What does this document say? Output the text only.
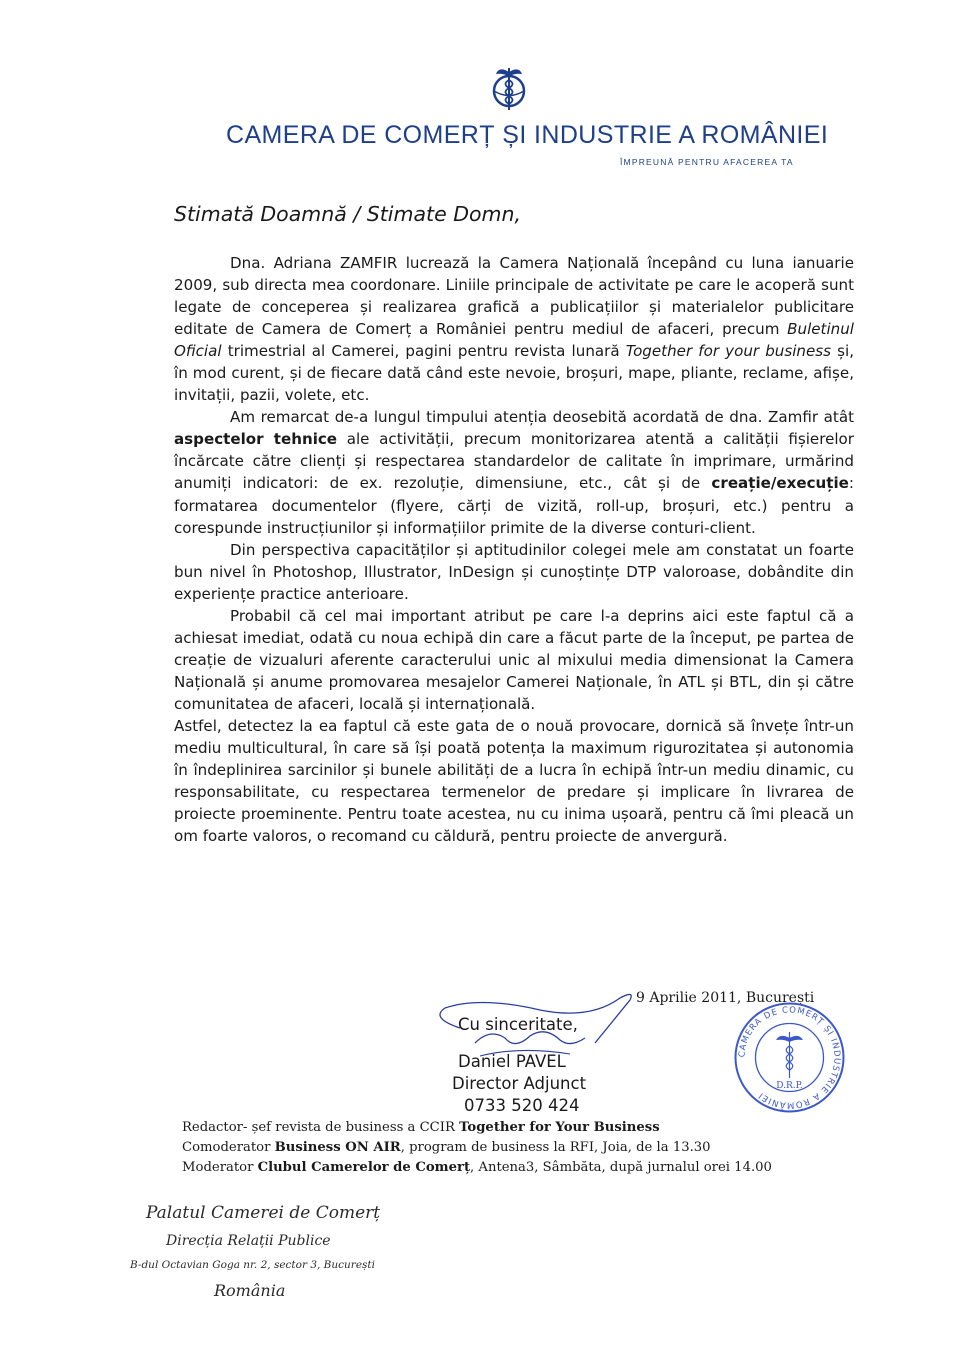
CAMERA DE COMERȚ ȘI INDUSTRIE A ROMÂNIEI
ÎMPREUNĂ PENTRU AFACEREA TA
Stimată Doamnă / Stimate Domn,

Dna. Adriana ZAMFIR lucrează la Camera Națională începând cu luna ianuarie 2009, sub directa mea coordonare. Liniile principale de activitate pe care le acoperă sunt legate de conceperea și realizarea grafică a publicațiilor și materialelor publicitare editate de Camera de Comerț a României pentru mediul de afaceri, precum Buletinul Oficial trimestrial al Camerei, pagini pentru revista lunară Together for your business și, în mod curent, și de fiecare dată când este nevoie, broșuri, mape, pliante, reclame, afișe, invitații, pazii, volete, etc.

Am remarcat de-a lungul timpului atenția deosebită acordată de dna. Zamfir atât aspectelor tehnice ale activității, precum monitorizarea atentă a calității fișierelor încărcate către clienți și respectarea standardelor de calitate în imprimare, urmărind anumiți indicatori: de ex. rezoluție, dimensiune, etc., cât și de creație/execuție: formatarea documentelor (flyere, cărți de vizită, roll-up, broșuri, etc.) pentru a corespunde instrucțiunilor și informațiilor primite de la diverse conturi-client.

Din perspectiva capacităților și aptitudinilor colegei mele am constatat un foarte bun nivel în Photoshop, Illustrator, InDesign și cunoștințe DTP valoroase, dobândite din experiențe practice anterioare.

Probabil că cel mai important atribut pe care l-a deprins aici este faptul că a achiesat imediat, odată cu noua echipă din care a făcut parte de la început, pe partea de creație de vizualuri aferente caracterului unic al mixului media dimensionat la Camera Națională și anume promovarea mesajelor Camerei Naționale, în ATL și BTL, din și către comunitatea de afaceri, locală și internațională.

Astfel, detectez la ea faptul că este gata de o nouă provocare, dornică să învețe într-un mediu multicultural, în care să își poată potența la maximum rigurozitatea și autonomia în îndeplinirea sarcinilor și bunele abilități de a lucra în echipă într-un mediu dinamic, cu responsabilitate, cu respectarea termenelor de predare și implicare în livrarea de proiecte proeminente. Pentru toate acestea, nu cu inima ușoară, pentru că îmi pleacă un om foarte valoros, o recomand cu căldură, pentru proiecte de anvergură.

9 Aprilie 2011, București
Cu sinceritate,
Daniel PAVEL
Director Adjunct
0733 520 424
CAMERA DE COMERȚ ȘI INDUSTRIE A ROMÂNIEI
D.R.P.
Redactor- șef revista de business a CCIR Together for Your Business
Comoderator Business ON AIR, program de business la RFI, Joia, de la 13.30
Moderator Clubul Camerelor de Comerț, Antena3, Sâmbăta, după jurnalul orei 14.00
Palatul Camerei de Comerț
Direcția Relații Publice
B-dul Octavian Goga nr. 2, sector 3, București
România
